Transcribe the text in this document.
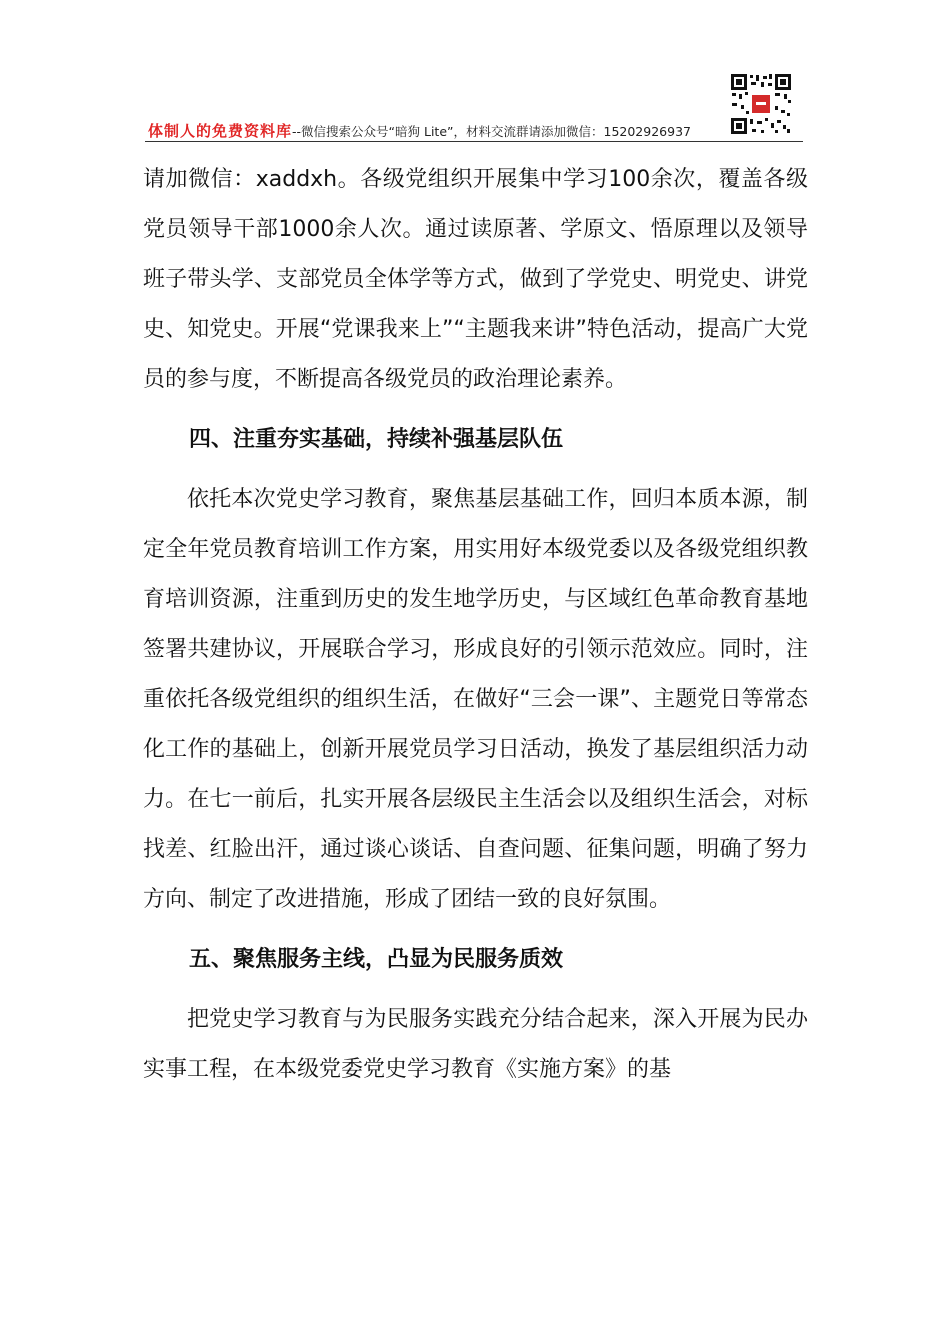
体制人的免费资料库--微信搜索公众号“暗狗 Lite”，材料交流群请添加微信：15202926937

请加微信：xaddxh。各级党组织开展集中学习100余次，覆盖各级党员领导干部1000余人次。通过读原著、学原文、悟原理以及领导班子带头学、支部党员全体学等方式，做到了学党史、明党史、讲党史、知党史。开展“党课我来上”“主题我来讲”特色活动，提高广大党员的参与度，不断提高各级党员的政治理论素养。

四、注重夯实基础，持续补强基层队伍

依托本次党史学习教育，聚焦基层基础工作，回归本质本源，制定全年党员教育培训工作方案，用实用好本级党委以及各级党组织教育培训资源，注重到历史的发生地学历史，与区域红色革命教育基地签署共建协议，开展联合学习，形成良好的引领示范效应。同时，注重依托各级党组织的组织生活，在做好“三会一课”、主题党日等常态化工作的基础上，创新开展党员学习日活动，换发了基层组织活力动力。在七一前后，扎实开展各层级民主生活会以及组织生活会，对标找差、红脸出汗，通过谈心谈话、自查问题、征集问题，明确了努力方向、制定了改进措施，形成了团结一致的良好氛围。

五、聚焦服务主线，凸显为民服务质效

把党史学习教育与为民服务实践充分结合起来，深入开展为民办实事工程，在本级党委党史学习教育《实施方案》的基
